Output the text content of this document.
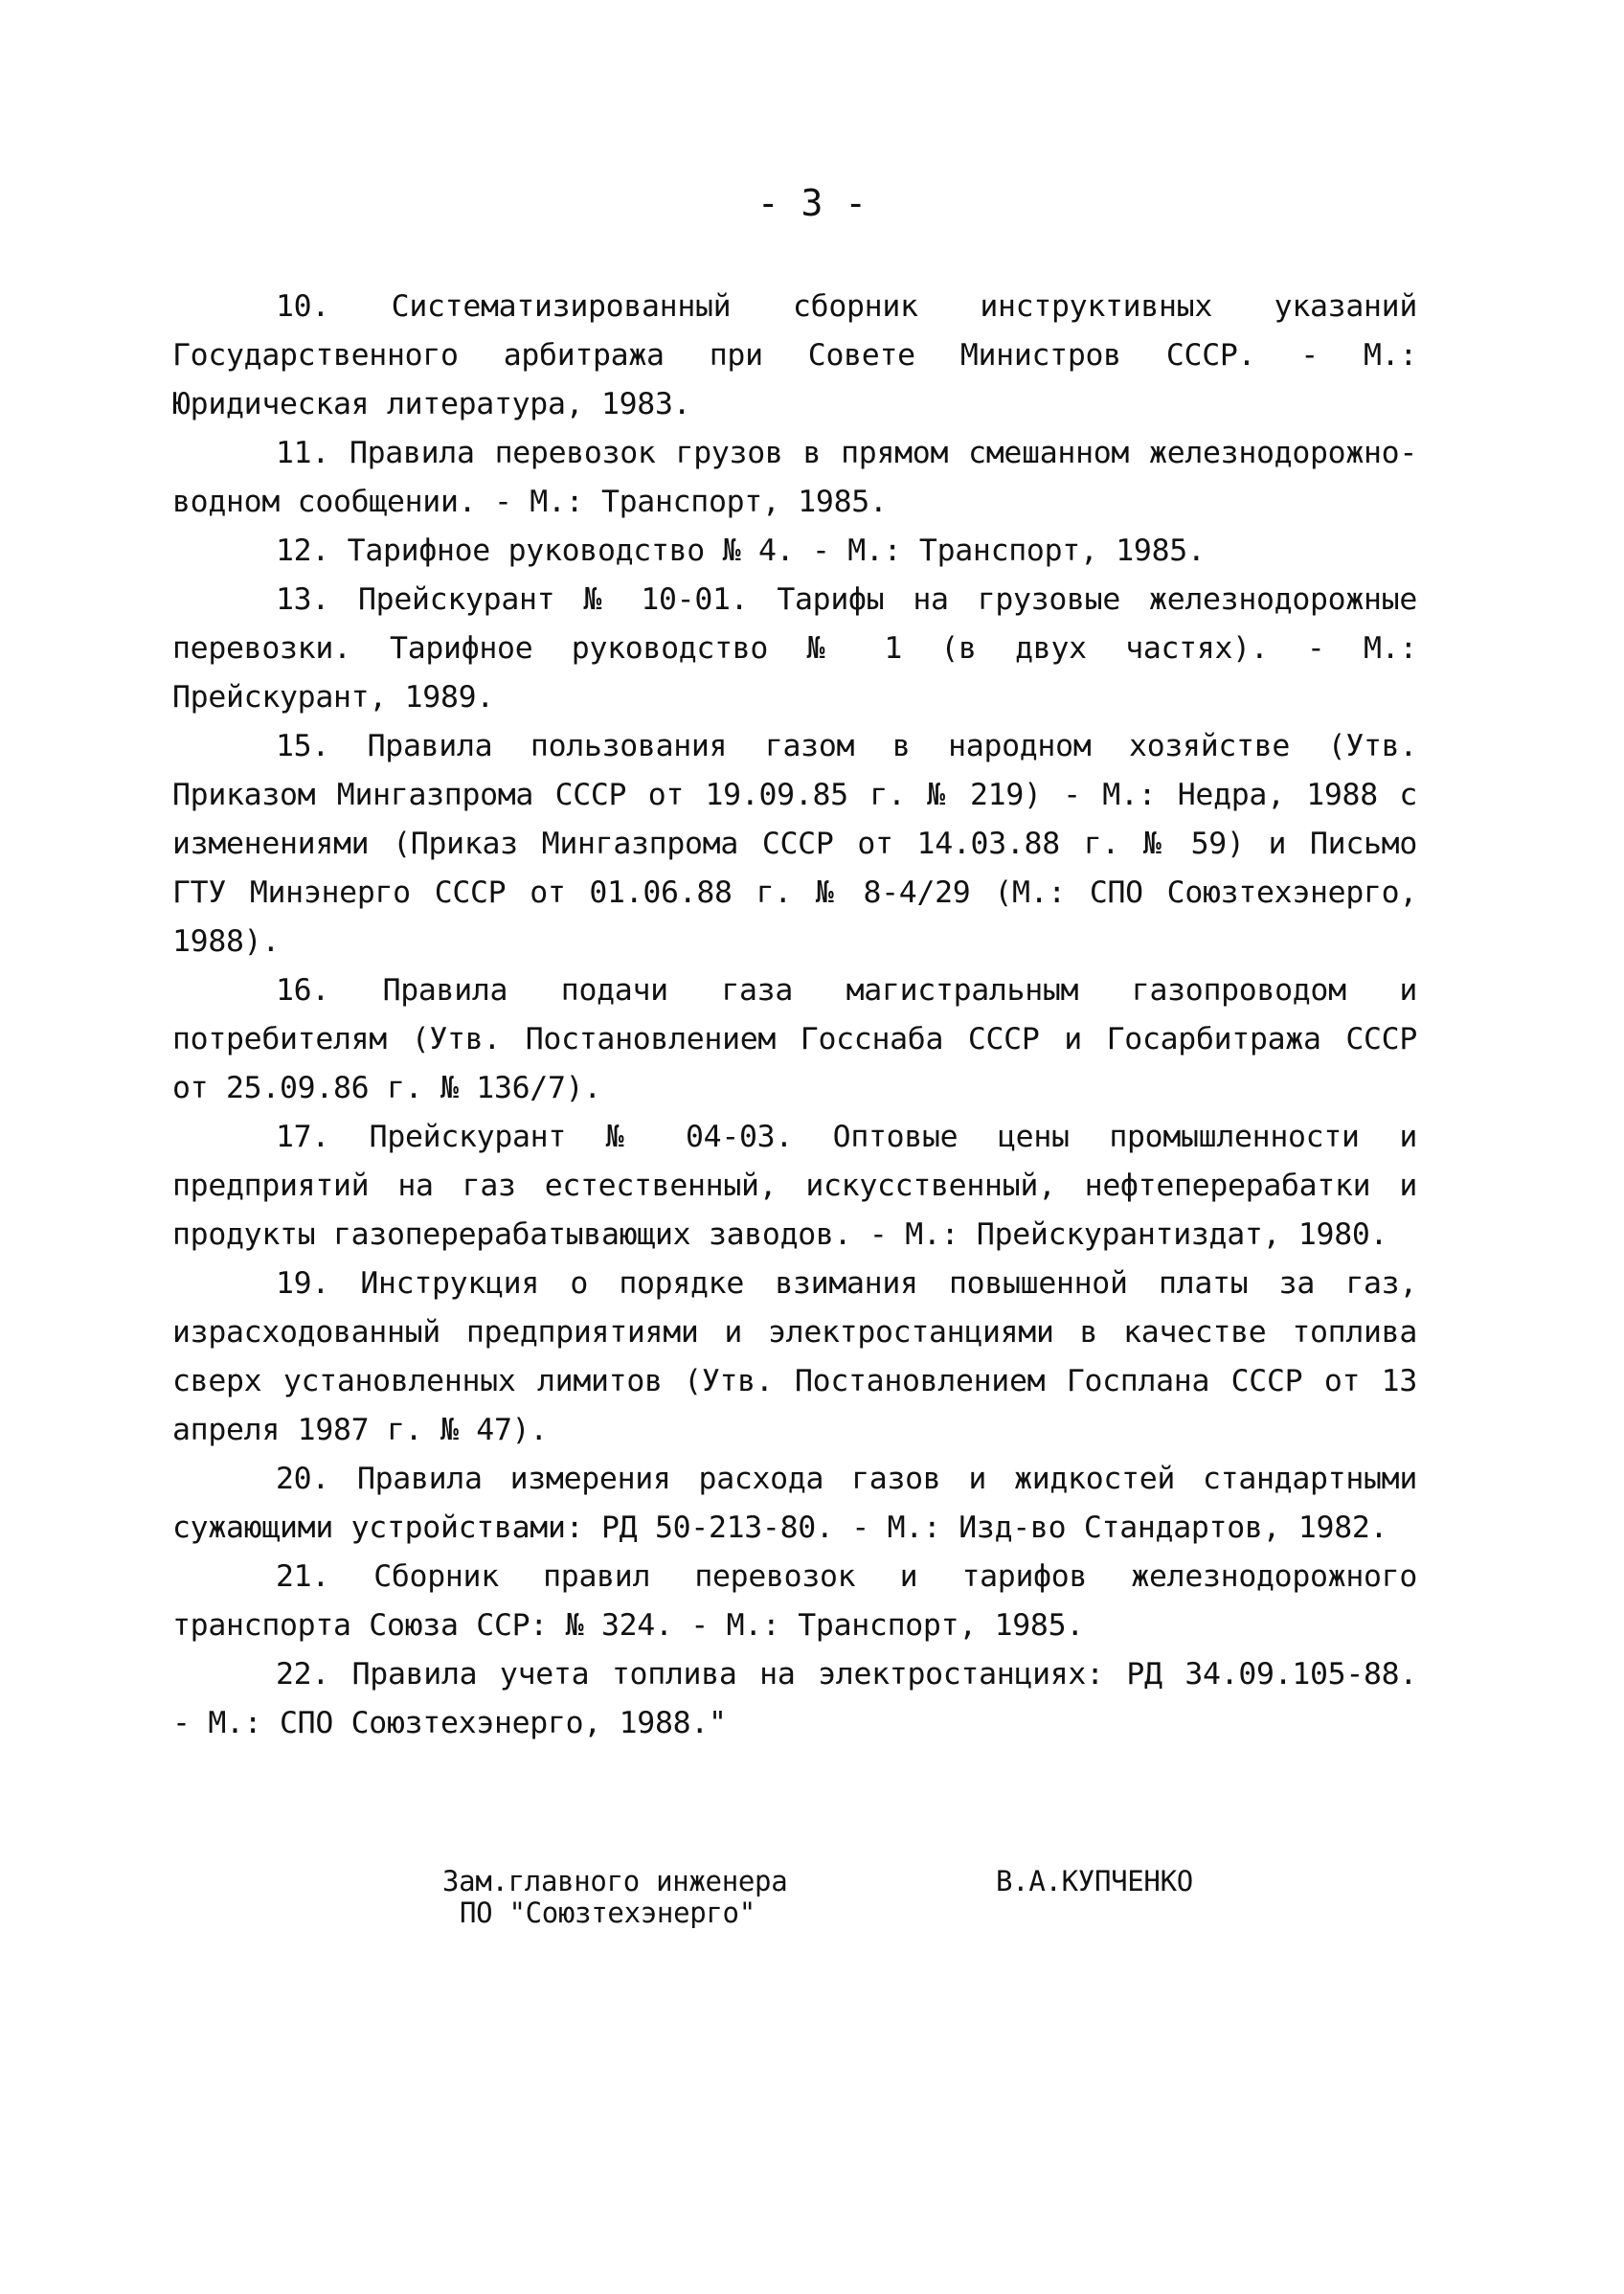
- 3 -

10. Систематизированный сборник инструктивных указаний Государственного арбитража при Совете Министров СССР. - М.: Юридическая литература, 1983.

11. Правила перевозок грузов в прямом смешанном железнодорожно-водном сообщении. - М.: Транспорт, 1985.

12. Тарифное руководство № 4. - М.: Транспорт, 1985.

13. Прейскурант № 10-01. Тарифы на грузовые железнодорожные перевозки. Тарифное руководство № 1 (в двух частях). - М.: Прейскурант, 1989.

15. Правила пользования газом в народном хозяйстве (Утв. Приказом Мингазпрома СССР от 19.09.85 г. № 219) - М.: Недра, 1988 с изменениями (Приказ Мингазпрома СССР от 14.03.88 г. № 59) и Письмо ГТУ Минэнерго СССР от 01.06.88 г. № 8-4/29 (М.: СПО Союзтехэнерго, 1988).

16. Правила подачи газа магистральным газопроводом и потребителям (Утв. Постановлением Госснаба СССР и Госарбитража СССР от 25.09.86 г. № 136/7).

17. Прейскурант № 04-03. Оптовые цены промышленности и предприятий на газ естественный, искусственный, нефтеперерабатки и продукты газоперерабатывающих заводов. - М.: Прейскурантиздат, 1980.

19. Инструкция о порядке взимания повышенной платы за газ, израсходованный предприятиями и электростанциями в качестве топлива сверх установленных лимитов (Утв. Постановлением Госплана СССР от 13 апреля 1987 г. № 47).

20. Правила измерения расхода газов и жидкостей стандартными сужающими устройствами: РД 50-213-80. - М.: Изд-во Стандартов, 1982.

21. Сборник правил перевозок и тарифов железнодорожного транспорта Союза ССР: № 324. - М.: Транспорт, 1985.

22. Правила учета топлива на электростанциях: РД 34.09.105-88. - М.: СПО Союзтехэнерго, 1988."

Зам.главного инженера
ПО "Союзтехэнерго"
В.А.КУПЧЕНКО
